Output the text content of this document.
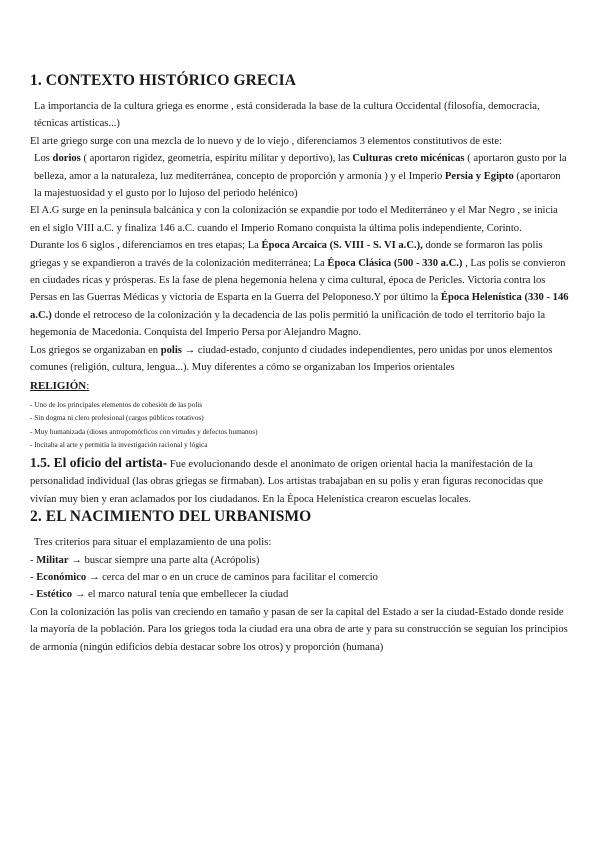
1. CONTEXTO HISTÓRICO GRECIA

La importancia de la cultura griega es enorme , está considerada la base de la cultura Occidental (filosofía, democracia, técnicas artísticas...)

El arte griego surge con una mezcla de lo nuevo y de lo viejo , diferenciamos 3 elementos constitutivos de este:

Los dorios ( aportaron rigidez, geometría, espíritu militar y deportivo), las Culturas creto micénicas ( aportaron gusto por la belleza, amor a la naturaleza, luz mediterránea, concepto de proporción y armonía ) y el Imperio Persia y Egipto (aportaron la majestuosidad y el gusto por lo lujoso del periodo helénico)

El A.G surge en la península balcánica y con la colonización se expandie por todo el Mediterráneo y el Mar Negro , se inicia en el siglo VIII a.C. y finaliza 146 a.C. cuando el Imperio Romano conquista la última polis independiente, Corinto.

Durante los 6 siglos , diferenciamos en tres etapas; La Época Arcaica (S. VIII - S. VI a.C.), donde se formaron las polis griegas y se expandieron a través de la colonización mediterránea; La Época Clásica (500 - 330 a.C.) , Las polis se convieron en ciudades ricas y prósperas. Es la fase de plena hegemonía helena y cima cultural, época de Pericles. Victoria contra los Persas en las Guerras Médicas y victoria de Esparta en la Guerra del Peloponeso.Y por último la Época Helenística (330 - 146 a.C.) donde el retroceso de la colonización y la decadencia de las polis permitió la unificación de todo el territorio bajo la hegemonía de Macedonia. Conquista del Imperio Persa por Alejandro Magno.

Los griegos se organizaban en polis → ciudad-estado, conjunto d ciudades independientes, pero unidas por unos elementos comunes (religión, cultura, lengua...). Muy diferentes a cómo se organizaban los Imperios orientales

RELIGIÓN:
- Uno de los principales elementos de cohesión de las polis
- Sin dogma ni clero profesional (cargos públicos rotativos)
- Muy humanizada (dioses antropomórficos con virtudes y defectos humanos)
- Incitaba al arte y permitía la investigación racional y lógica

1.5. El oficio del artista- Fue evolucionando desde el anonimato de origen oriental hacia la manifestación de la personalidad individual (las obras griegas se firmaban). Los artistas trabajaban en su polis y eran figuras reconocidas que vivían muy bien y eran aclamados por los ciudadanos. En la Época Helenística crearon escuelas locales.

2. EL NACIMIENTO DEL URBANISMO

Tres criterios para situar el emplazamiento de una polis:

- Militar → buscar siempre una parte alta (Acrópolis)

- Económico → cerca del mar o en un cruce de caminos para facilitar el comercio

- Estético → el marco natural tenía que embellecer la ciudad

Con la colonización las polis van creciendo en tamaño y pasan de ser la capital del Estado a ser la ciudad-Estado donde reside la mayoría de la población. Para los griegos toda la ciudad era una obra de arte y para su construcción se seguían los principios de armonía (ningún edificios debía destacar sobre los otros) y proporción (humana)
